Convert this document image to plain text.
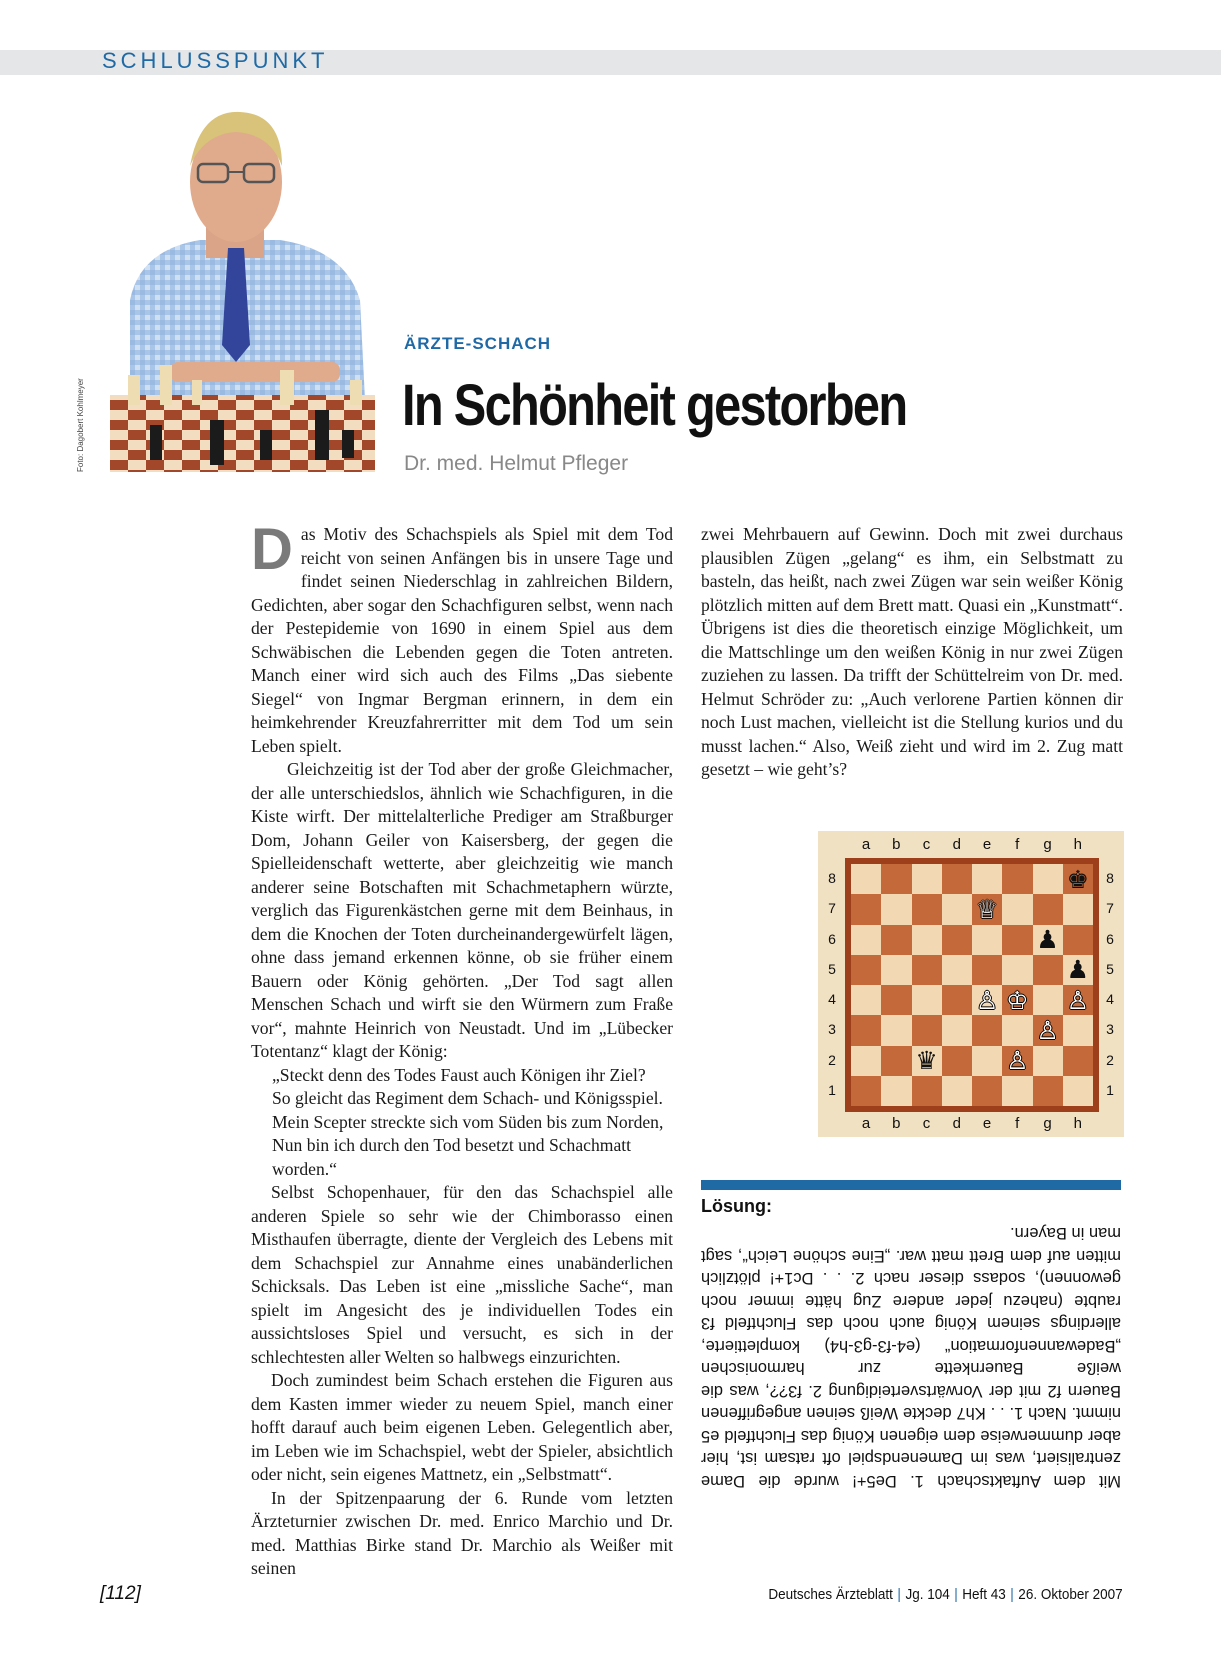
SCHLUSSPUNKT
Foto: Dagobert Kohlmeyer
ÄRZTE-SCHACH
In Schönheit gestorben
Dr. med. Helmut Pfleger
D as Motiv des Schachspiels als Spiel mit dem Tod reicht von seinen Anfängen bis in unsere Tage und findet seinen Niederschlag in zahlreichen Bildern, Gedichten, aber sogar den Schachfiguren selbst, wenn nach der Pestepidemie von 1690 in einem Spiel aus dem Schwäbischen die Lebenden gegen die Toten antreten. Manch einer wird sich auch des Films „Das siebente Siegel“ von Ingmar Bergman erinnern, in dem ein heimkehrender Kreuzfahrerritter mit dem Tod um sein Leben spielt.

Gleichzeitig ist der Tod aber der große Gleichmacher, der alle unterschiedslos, ähnlich wie Schachfiguren, in die Kiste wirft. Der mittelalterliche Prediger am Straßburger Dom, Johann Geiler von Kaisersberg, der gegen die Spielleidenschaft wetterte, aber gleichzeitig wie manch anderer seine Botschaften mit Schachmetaphern würzte, verglich das Figurenkästchen gerne mit dem Beinhaus, in dem die Knochen der Toten durcheinandergewürfelt lägen, ohne dass jemand erkennen könne, ob sie früher einem Bauern oder König gehörten. „Der Tod sagt allen Menschen Schach und wirft sie den Würmern zum Fraße vor“, mahnte Heinrich von Neustadt. Und im „Lübecker Totentanz“ klagt der König:

„Steckt denn des Todes Faust auch Königen ihr Ziel?

So gleicht das Regiment dem Schach- und Königsspiel.

Mein Scepter streckte sich vom Süden bis zum Norden,

Nun bin ich durch den Tod besetzt und Schachmatt worden.“

Selbst Schopenhauer, für den das Schachspiel alle anderen Spiele so sehr wie der Chimborasso einen Misthaufen überragte, diente der Vergleich des Lebens mit dem Schachspiel zur Annahme eines unabänderlichen Schicksals. Das Leben ist eine „missliche Sache“, man spielt im Angesicht des je individuellen Todes ein aussichtsloses Spiel und versucht, es sich in der schlechtesten aller Welten so halbwegs einzurichten.

Doch zumindest beim Schach erstehen die Figuren aus dem Kasten immer wieder zu neuem Spiel, manch einer hofft darauf auch beim eigenen Leben. Gelegentlich aber, im Leben wie im Schachspiel, webt der Spieler, absichtlich oder nicht, sein eigenes Mattnetz, ein „Selbstmatt“.

In der Spitzenpaarung der 6. Runde vom letzten Ärzteturnier zwischen Dr. med. Enrico Marchio und Dr. med. Matthias Birke stand Dr. Marchio als Weißer mit seinen

zwei Mehrbauern auf Gewinn. Doch mit zwei durchaus plausiblen Zügen „gelang“ es ihm, ein Selbstmatt zu basteln, das heißt, nach zwei Zügen war sein weißer König plötzlich mitten auf dem Brett matt. Quasi ein „Kunstmatt“. Übrigens ist dies die theoretisch einzige Möglichkeit, um die Mattschlinge um den weißen König in nur zwei Zügen zuziehen zu lassen. Da trifft der Schüttelreim von Dr. med. Helmut Schröder zu: „Auch verlorene Partien können dir noch Lust machen, vielleicht ist die Stellung kurios und du musst lachen.“ Also, Weiß zieht und wird im 2. Zug matt gesetzt – wie geht’s?

♚
♕
♟
♟
♙ ♔ ♙
♙
♛	♙
a
a
b
b
c
c
d
d
e
e
f
f
g
g
h
h
8	8
7	7
6	6
5	5
4	4
3	3
2	2
1	1
Lösung:
Mit dem Auftaktschach 1. De5+! wurde die Dame zentralisiert, was im Damenendspiel oft ratsam ist, hier aber dummerweise dem eigenen König das Fluchtfeld e5 nimmt. Nach 1. . . Kh7 deckte Weiß seinen angegriffenen Bauern f2 mit der Vorwärtsverteidigung 2. f3??, was die weiße Bauernkette zur harmonischen „Badewannenformation“ (e4-f3-g3-h4) komplettierte, allerdings seinem König auch noch das Fluchtfeld f3 raubte (nahezu jeder andere Zug hätte immer noch gewonnen), sodass dieser nach 2. . . Dc1+! plötzlich mitten auf dem Brett matt war. „Eine schöne Leich“, sagt man in Bayern.
[112]	Deutsches Ärzteblatt | Jg. 104 | Heft 43 | 26. Oktober 2007
